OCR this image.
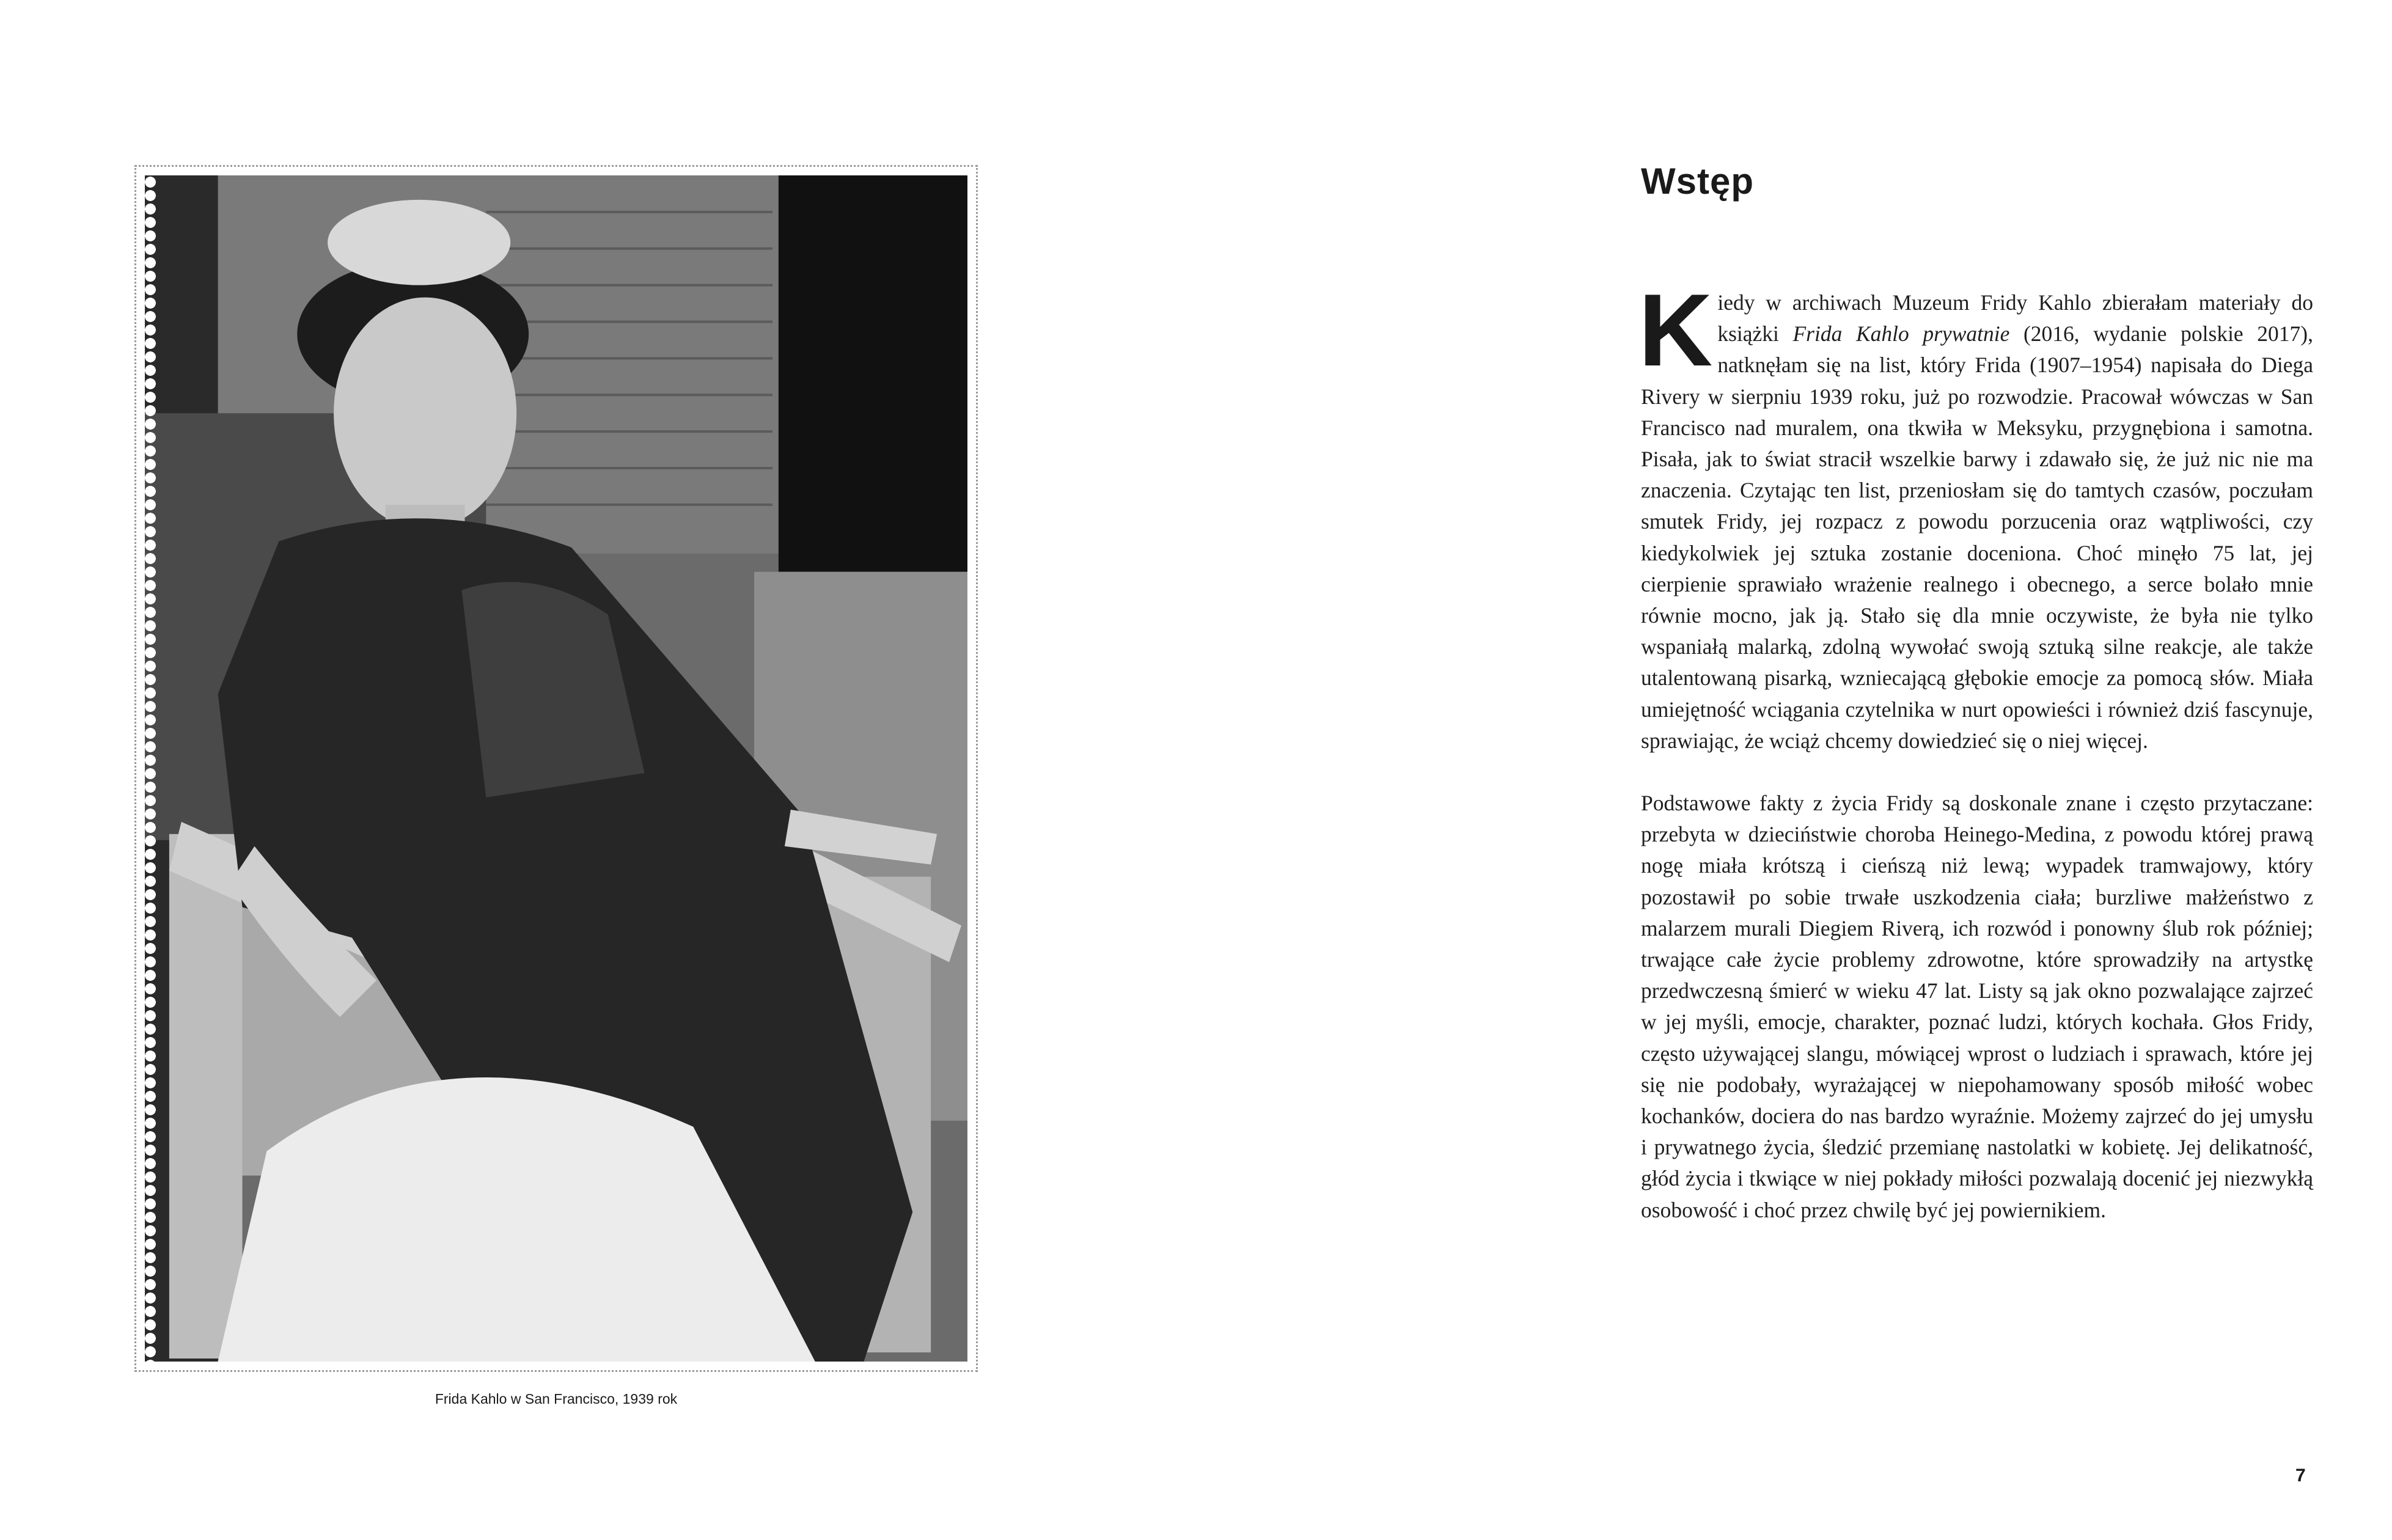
Frida Kahlo w San Francisco, 1939 rok
Wstęp

Kiedy w archiwach Muzeum Fridy Kahlo zbierałam materiały do książki Frida Kahlo prywatnie (2016, wydanie polskie 2017), natknęłam się na list, który Frida (1907–1954) napisała do Diega Rivery w sierpniu 1939 roku, już po rozwodzie. Pracował wówczas w San Francisco nad muralem, ona tkwiła w Meksyku, przygnębiona i samotna. Pisała, jak to świat stracił wszelkie barwy i zdawało się, że już nic nie ma znaczenia. Czytając ten list, przeniosłam się do tamtych czasów, poczułam smutek Fridy, jej rozpacz z powodu porzucenia oraz wątpliwości, czy kiedykolwiek jej sztuka zostanie doceniona. Choć minęło 75 lat, jej cierpienie sprawiało wrażenie realnego i obecnego, a serce bolało mnie równie mocno, jak ją. Stało się dla mnie oczywiste, że była nie tylko wspaniałą malarką, zdolną wywołać swoją sztuką silne reakcje, ale także utalentowaną pisarką, wzniecającą głębokie emocje za pomocą słów. Miała umiejętność wciągania czytelnika w nurt opowieści i również dziś fascynuje, sprawiając, że wciąż chcemy dowiedzieć się o niej więcej.

Podstawowe fakty z życia Fridy są doskonale znane i często przytaczane: przebyta w dzieciństwie choroba Heinego-Medina, z powodu której prawą nogę miała krótszą i cieńszą niż lewą; wypadek tramwajowy, który pozostawił po sobie trwałe uszkodzenia ciała; burzliwe małżeństwo z malarzem murali Diegiem Riverą, ich rozwód i ponowny ślub rok później; trwające całe życie problemy zdrowotne, które sprowadziły na artystkę przedwczesną śmierć w wieku 47 lat. Listy są jak okno pozwalające zajrzeć w jej myśli, emocje, charakter, poznać ludzi, których kochała. Głos Fridy, często używającej slangu, mówiącej wprost o ludziach i sprawach, które jej się nie podobały, wyrażającej w niepohamowany sposób miłość wobec kochanków, dociera do nas bardzo wyraźnie. Możemy zajrzeć do jej umysłu i prywatnego życia, śledzić przemianę nastolatki w kobietę. Jej delikatność, głód życia i tkwiące w niej pokłady miłości pozwalają docenić jej niezwykłą osobowość i choć przez chwilę być jej powiernikiem.

7
